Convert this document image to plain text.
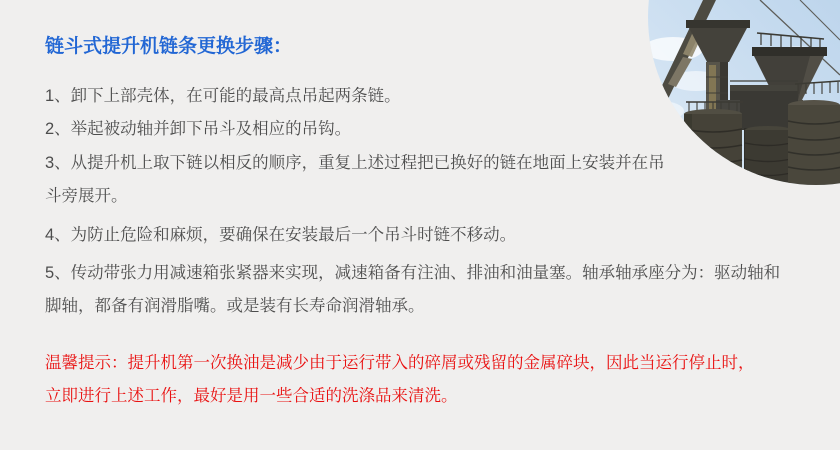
链斗式提升机链条更换步骤：

1、卸下上部壳体，在可能的最高点吊起两条链。

2、举起被动轴并卸下吊斗及相应的吊钩。

3、从提升机上取下链以相反的顺序，重复上述过程把已换好的链在地面上安装并在吊斗旁展开。

4、为防止危险和麻烦，要确保在安装最后一个吊斗时链不移动。

5、传动带张力用减速箱张紧器来实现，减速箱备有注油、排油和油量塞。轴承轴承座分为：驱动轴和脚轴，都备有润滑脂嘴。或是装有长寿命润滑轴承。

温馨提示：提升机第一次换油是减少由于运行带入的碎屑或残留的金属碎块，因此当运行停止时，立即进行上述工作，最好是用一些合适的洗涤品来清洗。
